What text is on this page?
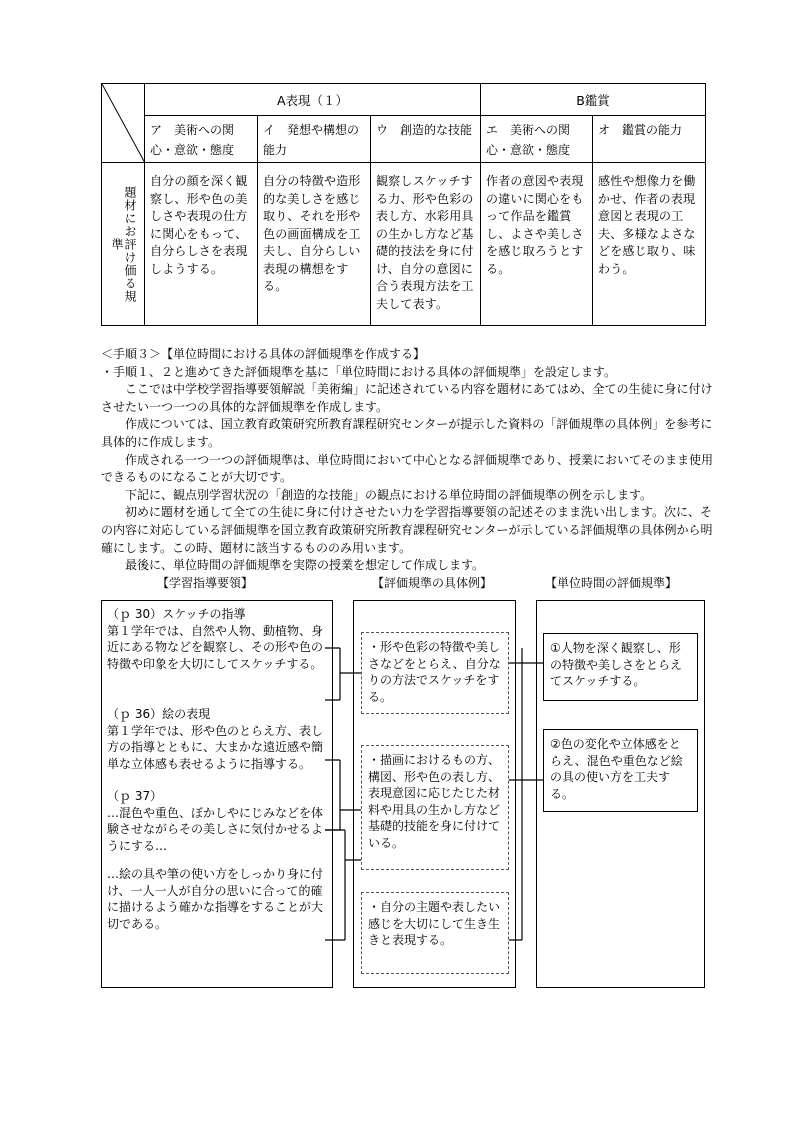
	A表現（１）			B鑑賞	
	ア　美術への関心・意欲・態度	イ　発想や構想の能力	ウ　創造的な技能	エ　美術への関心・意欲・態度	オ　鑑賞の能力

題材にお評け価る規準	自分の顔を深く観察し、形や色の美しさや表現の仕方に関心をもって、自分らしさを表現しようする。	自分の特徴や造形的な美しさを感じ取り、それを形や色の画面構成を工夫し、自分らしい表現の構想をする。	観察しスケッチする力、形や色彩の表し方、水彩用具の生かし方など基礎的技法を身に付け、自分の意図に合う表現方法を工夫して表す。	作者の意図や表現の違いに関心をもって作品を鑑賞し、よさや美しさを感じ取ろうとする。	感性や想像力を働かせ、作者の表現意図と表現の工夫、多様なよさなどを感じ取り、味 わう。

＜手順３＞【単位時間における具体の評価規準を作成する】

・手順１、２と進めてきた評価規準を基に「単位時間における具体の評価規準」を設定します。

ここでは中学校学習指導要領解説「美術編」に記述されている内容を題材にあてはめ、全ての生徒に身に付けさせたい一つ一つの具体的な評価規準を作成します。

作成については、国立教育政策研究所教育課程研究センターが提示した資料の「評価規準の具体例」を参考に具体的に作成します。

作成される一つ一つの評価規準は、単位時間において中心となる評価規準であり、授業においてそのまま使用できるものになることが大切です。

下記に、観点別学習状況の「創造的な技能」の観点における単位時間の評価規準の例を示します。

初めに題材を通して全ての生徒に身に付けさせたい力を学習指導要領の記述そのまま洗い出します。次に、その内容に対応している評価規準を国立教育政策研究所教育課程研究センターが示している評価規準の具体例から明確にします。この時、題材に該当するもののみ用います。

最後に、単位時間の評価規準を実際の授業を想定して作成します。

【学習指導要領】	【評価規準の具体例】	【単位時間の評価規準】
（ｐ 30）スケッチの指導
第１学年では、自然や人物、動植物、身近にある物などを観察し、その形や色の特徴や印象を大切にしてスケッチする。
（ｐ 36）絵の表現
第１学年では、形や色のとらえ方、表し方の指導とともに、大まかな遠近感や簡単な立体感も表せるように指導する。
（ｐ 37）
…混色や重色、ぼかしやにじみなどを体験させながらその美しさに気付かせるようにする…
…絵の具や筆の使い方をしっかり身に付け、一人一人が自分の思いに合って的確に描けるよう確かな指導をすることが大切である。
・形や色彩の特徴や美しさなどをとらえ、自分なりの方法でスケッチをする。
・描画におけるもの方、構図、形や色の表し方、表現意図に応じたじた材料や用具の生かし方など基礎的技能を身に付けている。
・自分の主題や表したい感じを大切にして生き生きと表現する。
①人物を深く観察し、形の特徴や美しさをとらえてスケッチする。
②色の変化や立体感をとらえ、混色や重色など絵の具の使い方を工夫する。
